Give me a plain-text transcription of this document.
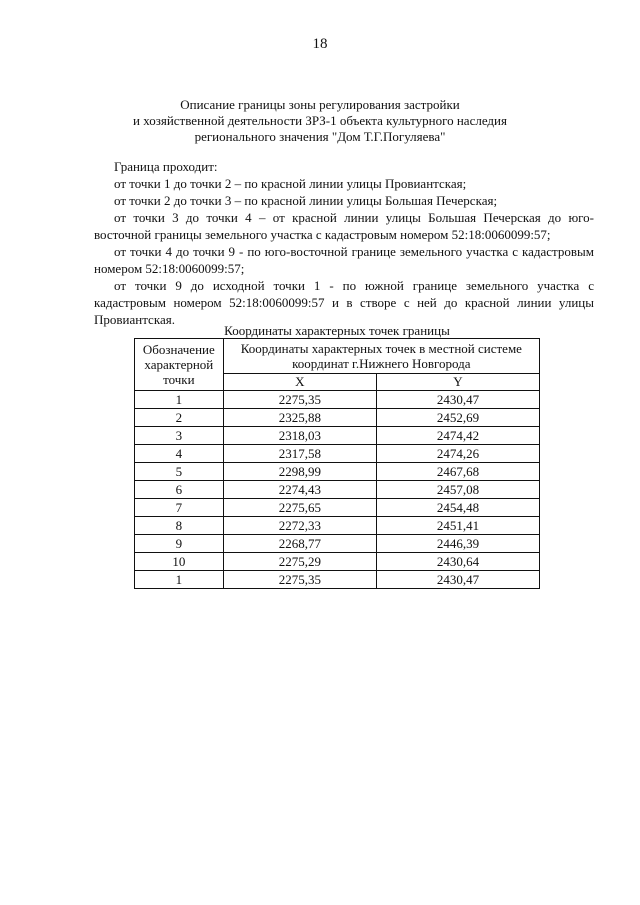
18
Описание границы зоны регулирования застройки
и хозяйственной деятельности ЗРЗ-1 объекта культурного наследия
регионального значения "Дом Т.Г.Погуляева"

Граница проходит:

от точки 1 до точки 2 – по красной линии улицы Провиантская;

от точки 2 до точки 3 – по красной линии улицы Большая Печерская;

от точки 3 до точки 4 – от красной линии улицы Большая Печерская до юго-восточной границы земельного участка с кадастровым номером 52:18:0060099:57;

от точки 4 до точки 9 - по юго-восточной границе земельного участка с кадастровым номером 52:18:0060099:57;

от точки 9 до исходной точки 1 - по южной границе земельного участка с кадастровым номером 52:18:0060099:57 и в створе с ней до красной линии улицы Провиантская.

Координаты характерных точек границы
Обозначение характерной точки	Координаты характерных точек в местной системе координат г.Нижнего Новгорода	
	X	Y
1	2275,35	2430,47
2	2325,88	2452,69
3	2318,03	2474,42
4	2317,58	2474,26
5	2298,99	2467,68
6	2274,43	2457,08
7	2275,65	2454,48
8	2272,33	2451,41
9	2268,77	2446,39
10	2275,29	2430,64
1	2275,35	2430,47
